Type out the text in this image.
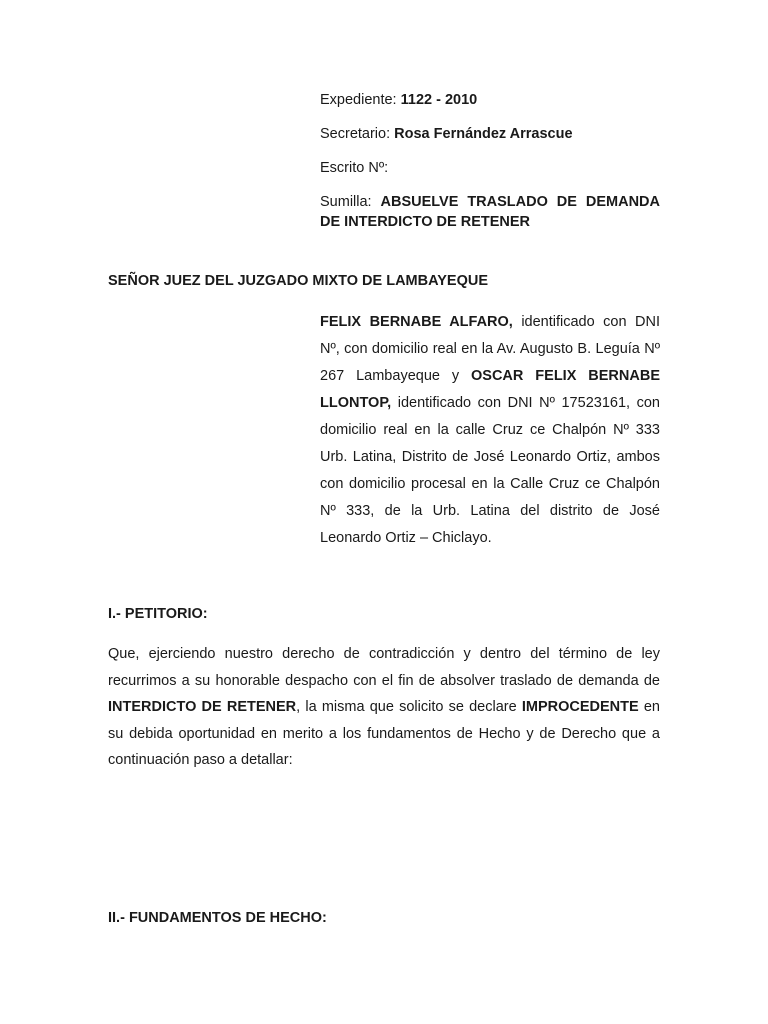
Expediente: 1122 - 2010

Secretario: Rosa Fernández Arrascue

Escrito Nº:

Sumilla: ABSUELVE TRASLADO DE DEMANDA DE INTERDICTO DE RETENER

SEÑOR JUEZ DEL JUZGADO MIXTO DE LAMBAYEQUE
FELIX BERNABE ALFARO, identificado con DNI Nº, con domicilio real en la Av. Augusto B. Leguía Nº 267 Lambayeque y OSCAR FELIX BERNABE LLONTOP, identificado con DNI Nº 17523161, con domicilio real en la calle Cruz ce Chalpón Nº 333 Urb. Latina, Distrito de José Leonardo Ortiz, ambos con domicilio procesal en la Calle Cruz ce Chalpón Nº 333, de la Urb. Latina del distrito de José Leonardo Ortiz – Chiclayo.
I.- PETITORIO:
Que, ejerciendo nuestro derecho de contradicción y dentro del término de ley recurrimos a su honorable despacho con el fin de absolver traslado de demanda de INTERDICTO DE RETENER, la misma que solicito se declare IMPROCEDENTE en su debida oportunidad en merito a los fundamentos de Hecho y de Derecho que a continuación paso a detallar:
II.- FUNDAMENTOS DE HECHO:
